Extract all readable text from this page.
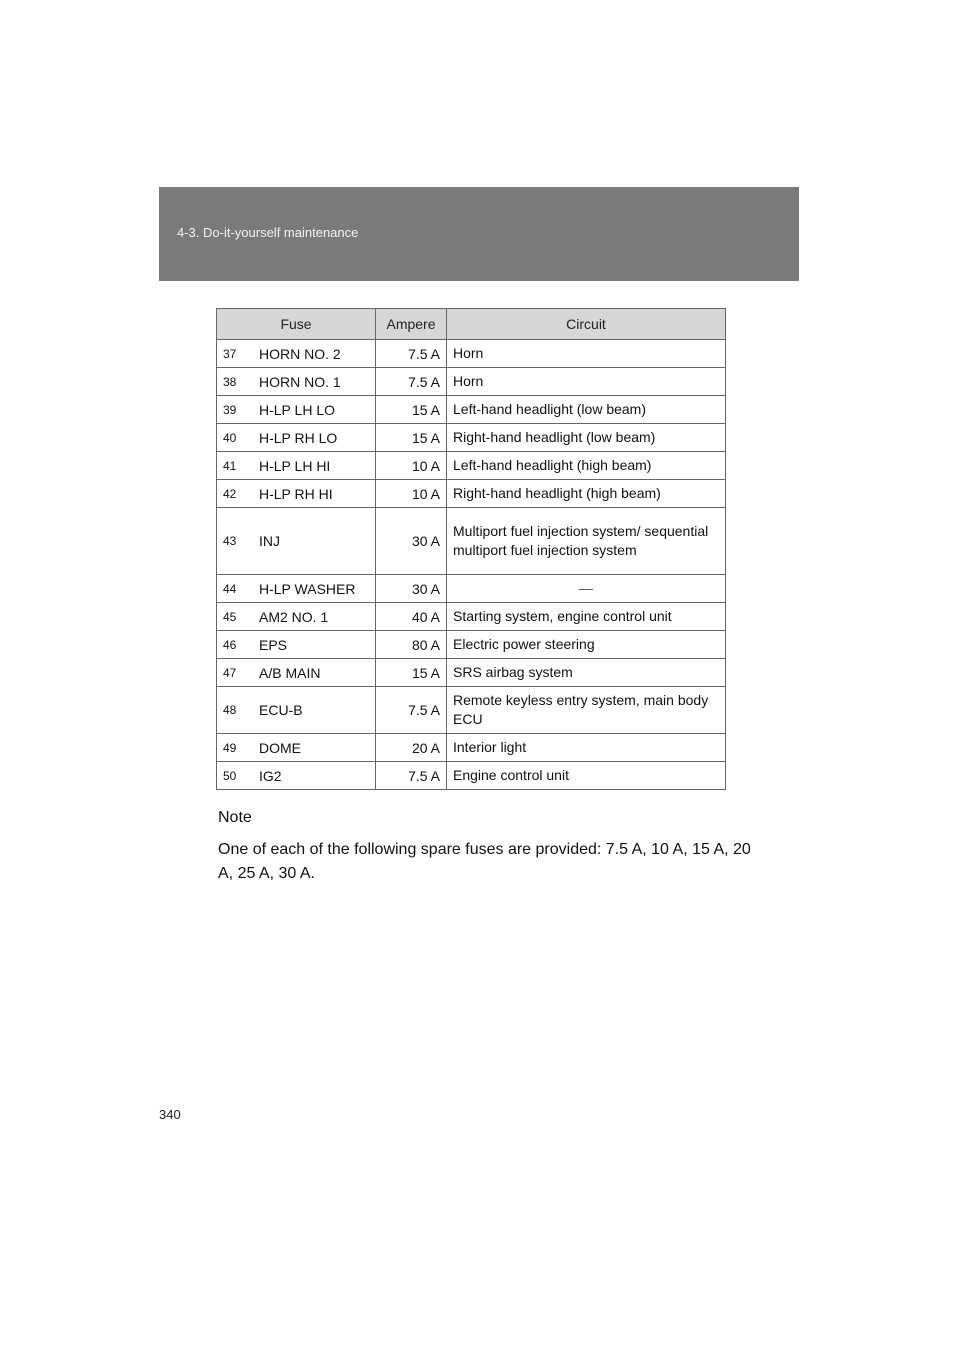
4-3. Do-it-yourself maintenance
Fuse		Ampere	Circuit
37	HORN NO. 2	7.5 A	Horn
38	HORN NO. 1	7.5 A	Horn
39	H-LP LH LO	15 A	Left-hand headlight (low beam)
40	H-LP RH LO	15 A	Right-hand headlight (low beam)
41	H-LP LH HI	10 A	Left-hand headlight (high beam)
42	H-LP RH HI	10 A	Right-hand headlight (high beam)
43	INJ	30 A	Multiport fuel injection system/ sequential multiport fuel injection system
44	H-LP WASHER	30 A	—
45	AM2 NO. 1	40 A	Starting system, engine control unit
46	EPS	80 A	Electric power steering
47	A/B MAIN	15 A	SRS airbag system
48	ECU-B	7.5 A	Remote keyless entry system, main body ECU
49	DOME	20 A	Interior light
50	IG2	7.5 A	Engine control unit

Note

One of each of the following spare fuses are provided: 7.5 A, 10 A, 15 A, 20 A, 25 A, 30 A.

340
